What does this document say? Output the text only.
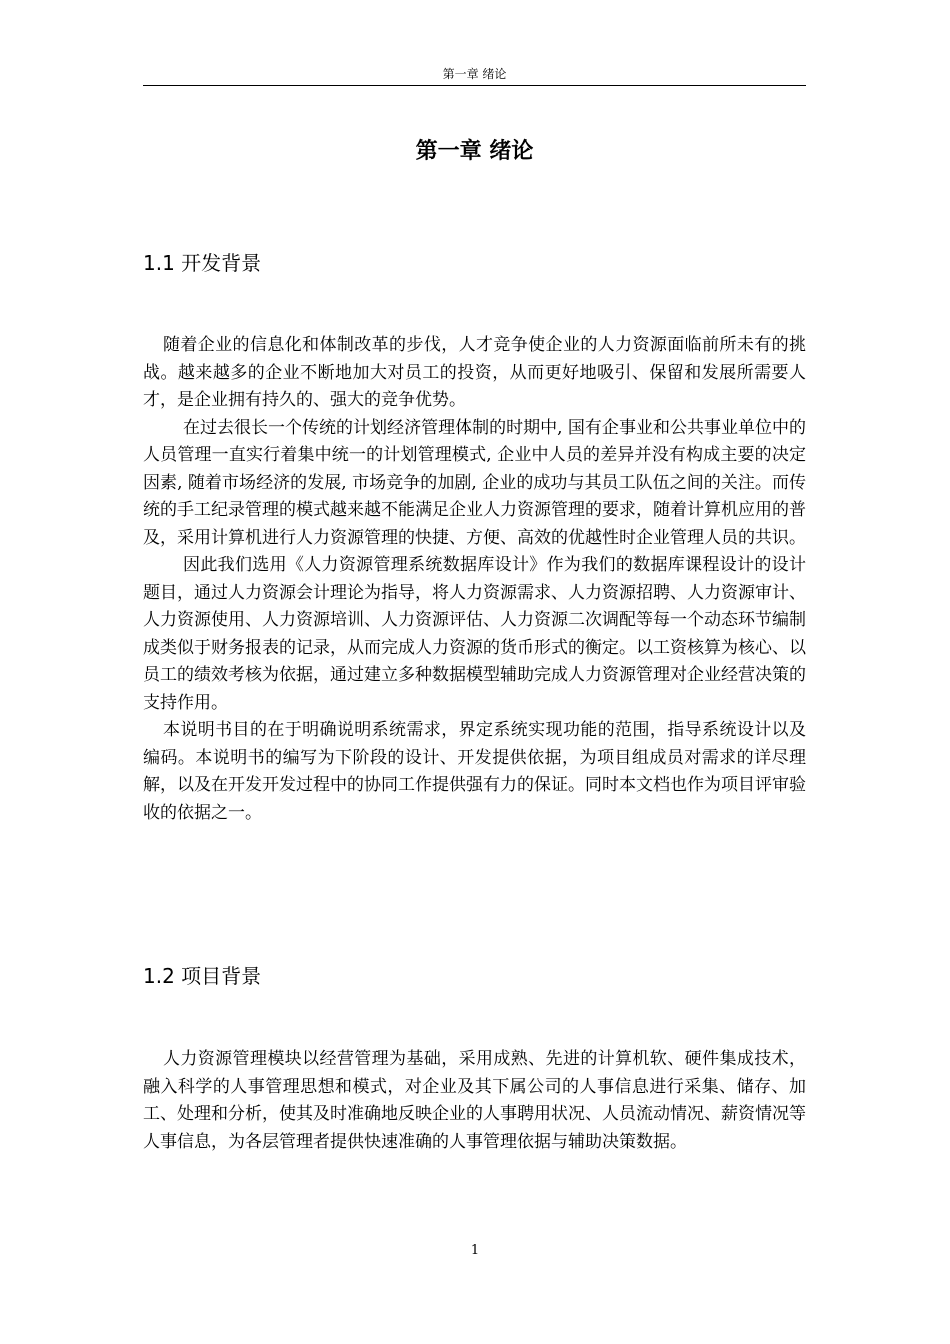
第一章 绪论
第一章 绪论
1.1 开发背景

随着企业的信息化和体制改革的步伐，人才竞争使企业的人力资源面临前所未有的挑战。越来越多的企业不断地加大对员工的投资，从而更好地吸引、保留和发展所需要人才，是企业拥有持久的、强大的竞争优势。

在过去很长一个传统的计划经济管理体制的时期中, 国有企事业和公共事业单位中的人员管理一直实行着集中统一的计划管理模式, 企业中人员的差异并没有构成主要的决定因素, 随着市场经济的发展, 市场竞争的加剧, 企业的成功与其员工队伍之间的关注。而传统的手工纪录管理的模式越来越不能满足企业人力资源管理的要求，随着计算机应用的普及，采用计算机进行人力资源管理的快捷、方便、高效的优越性时企业管理人员的共识。

因此我们选用《人力资源管理系统数据库设计》作为我们的数据库课程设计的设计题目，通过人力资源会计理论为指导，将人力资源需求、人力资源招聘、人力资源审计、人力资源使用、人力资源培训、人力资源评估、人力资源二次调配等每一个动态环节编制成类似于财务报表的记录，从而完成人力资源的货币形式的衡定。以工资核算为核心、以员工的绩效考核为依据，通过建立多种数据模型辅助完成人力资源管理对企业经营决策的支持作用。

本说明书目的在于明确说明系统需求，界定系统实现功能的范围，指导系统设计以及编码。本说明书的编写为下阶段的设计、开发提供依据，为项目组成员对需求的详尽理解，以及在开发开发过程中的协同工作提供强有力的保证。同时本文档也作为项目评审验收的依据之一。

1.2 项目背景

人力资源管理模块以经营管理为基础，采用成熟、先进的计算机软、硬件集成技术，融入科学的人事管理思想和模式，对企业及其下属公司的人事信息进行采集、储存、加工、处理和分析，使其及时准确地反映企业的人事聘用状况、人员流动情况、薪资情况等人事信息，为各层管理者提供快速准确的人事管理依据与辅助决策数据。

1
